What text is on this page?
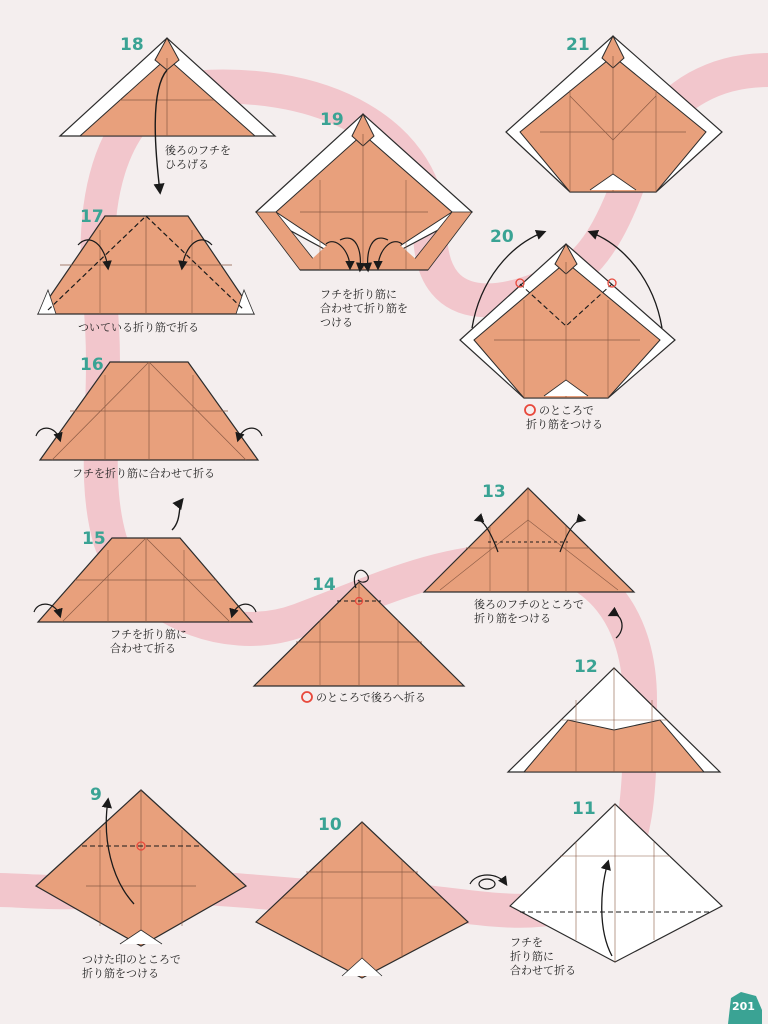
18
後ろのフチを
ひろげる
17
ついている折り筋で折る
16
フチを折り筋に合わせて折る
15
フチを折り筋に
合わせて折る
19
フチを折り筋に
合わせて折り筋を
つける
14
のところで後ろへ折る
21
20
のところで
折り筋をつける
13
後ろのフチのところで
折り筋をつける
12
11
フチを
折り筋に
合わせて折る
10
9
つけた印のところで
折り筋をつける
201
